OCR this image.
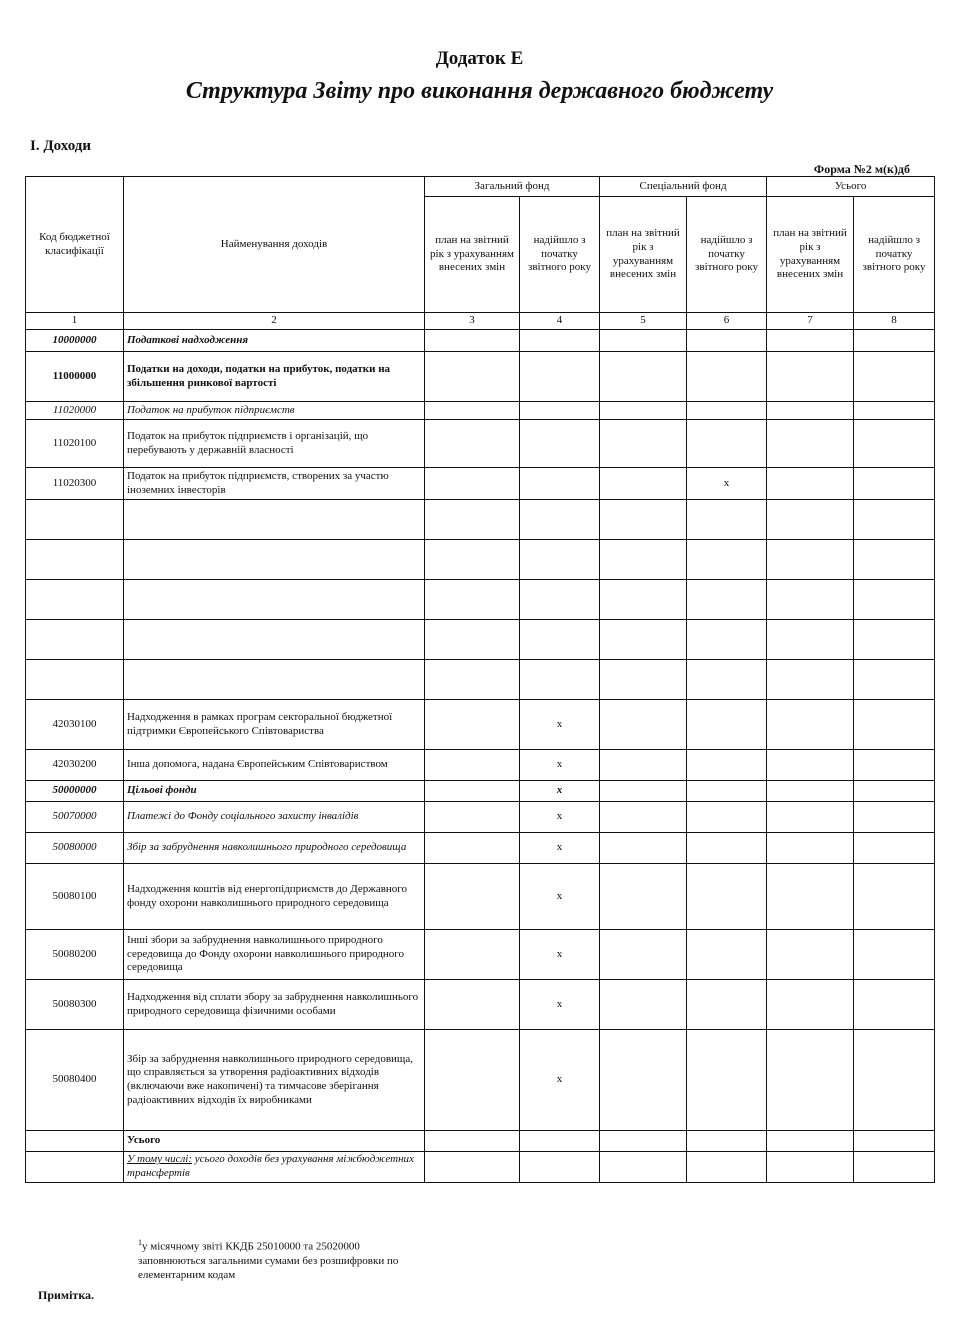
Додаток Е
Структура Звіту про виконання державного бюджету
І. Доходи
Форма №2 м(к)дб
Код бюджетної класифікації	Найменування доходів	Загальний фонд		Спеціальний фонд		Усього	
		план на звітний рік з урахуванням внесених змін	надійшло з початку звітного року	план на звітний рік з урахуванням внесених змін	надійшло з початку звітного року	план на звітний рік з урахуванням внесених змін	надійшло з початку звітного року
1	2	3	4	5	6	7	8
10000000	Податкові надходження						
11000000	Податки на доходи, податки на прибуток, податки на збільшення ринкової вартості						
11020000	Податок на прибуток підприємств						
11020100	Податок на прибуток підприємств і організацій, що перебувають у державній власності						
11020300	Податок на прибуток підприємств, створених за участю іноземних інвесторів				x		

42030100	Надходження в рамках програм секторальної бюджетної підтримки Європейського Співтовариства		x				
42030200	Інша допомога, надана Європейським Співтовариством		x				
50000000	Цільові фонди		x				
50070000	Платежі до Фонду соціального захисту інвалідів		x				
50080000	Збір за забруднення навколишнього природного середовища		x				
50080100	Надходження коштів від енергопідприємств до Державного фонду охорони навколишнього природного середовища		x				
50080200	Інші збори за забруднення навколишнього природного середовища до Фонду охорони навколишнього природного середовища		x				
50080300	Надходження від сплати збору за забруднення навколишнього природного середовища фізичними особами		x				
50080400	Збір за забруднення навколишнього природного середовища, що справляється за утворення радіоактивних відходів (включаючи вже накопичені) та тимчасове зберігання радіоактивних відходів їх виробниками		x				
	Усього						
	У тому числі: усього доходів без урахування міжбюджетних трансфертів						
$^1$у місячному звіті ККДБ 25010000 та 25020000 заповнюються загальними сумами без розшифровки по елементарним кодам
Примітка.
